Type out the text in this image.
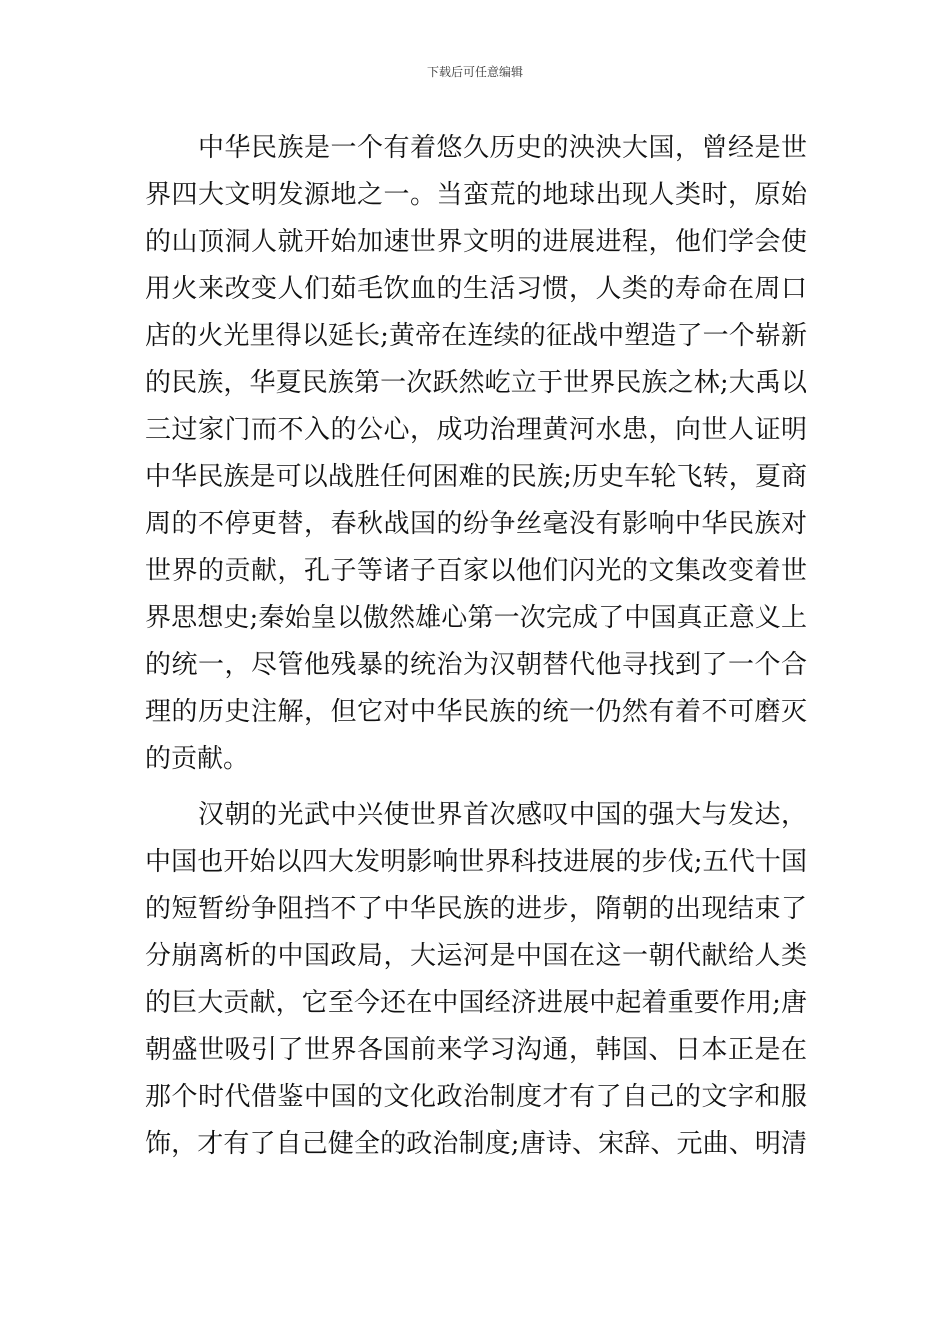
下载后可任意编辑
中华民族是一个有着悠久历史的泱泱大国，曾经是世
界四大文明发源地之一。当蛮荒的地球出现人类时，原始
的山顶洞人就开始加速世界文明的进展进程，他们学会使
用火来改变人们茹毛饮血的生活习惯，人类的寿命在周口
店的火光里得以延长;黄帝在连续的征战中塑造了一个崭新
的民族，华夏民族第一次跃然屹立于世界民族之林;大禹以
三过家门而不入的公心，成功治理黄河水患，向世人证明
中华民族是可以战胜任何困难的民族;历史车轮飞转，夏商
周的不停更替，春秋战国的纷争丝毫没有影响中华民族对
世界的贡献，孔子等诸子百家以他们闪光的文集改变着世
界思想史;秦始皇以傲然雄心第一次完成了中国真正意义上
的统一，尽管他残暴的统治为汉朝替代他寻找到了一个合
理的历史注解，但它对中华民族的统一仍然有着不可磨灭
的贡献。
汉朝的光武中兴使世界首次感叹中国的强大与发达，
中国也开始以四大发明影响世界科技进展的步伐;五代十国
的短暂纷争阻挡不了中华民族的进步，隋朝的出现结束了
分崩离析的中国政局，大运河是中国在这一朝代献给人类
的巨大贡献，它至今还在中国经济进展中起着重要作用;唐
朝盛世吸引了世界各国前来学习沟通，韩国、日本正是在
那个时代借鉴中国的文化政治制度才有了自己的文字和服
饰，才有了自己健全的政治制度;唐诗、宋辞、元曲、明清
